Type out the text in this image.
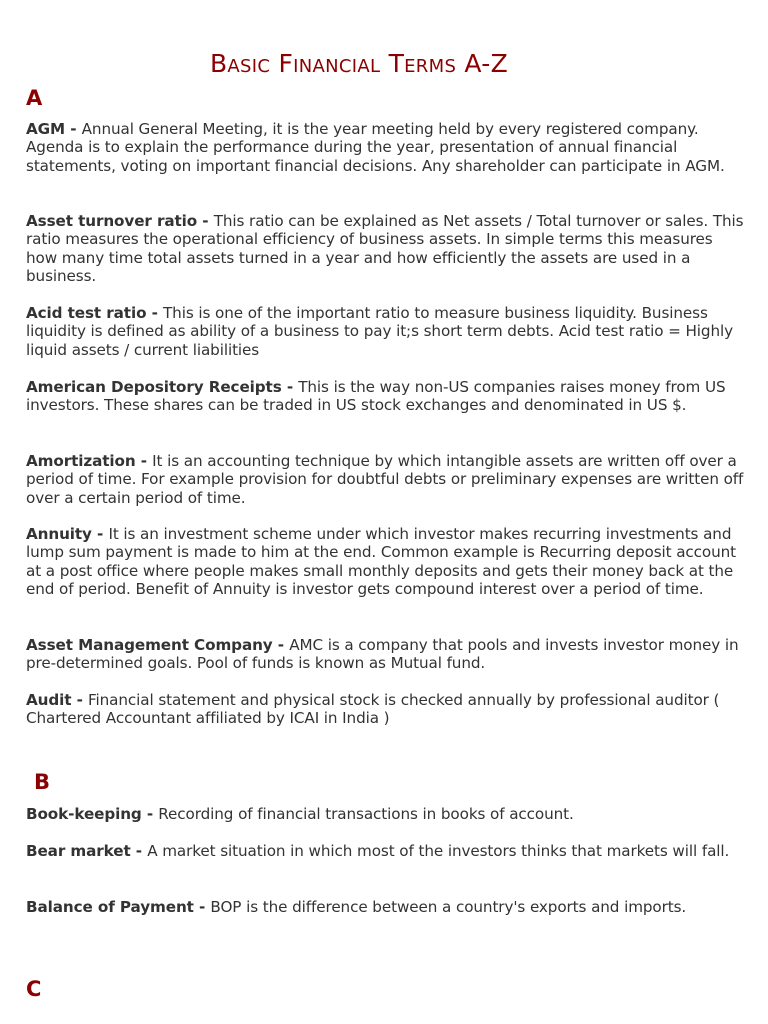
Basic Financial Terms A-Z
A
AGM - Annual General Meeting, it is the year meeting held by every registered company. Agenda is to explain the performance during the year, presentation of annual financial statements, voting on important financial decisions. Any shareholder can participate in AGM.
Asset turnover ratio - This ratio can be explained as Net assets / Total turnover or sales. This ratio measures the operational efficiency of business assets. In simple terms this measures how many time total assets turned in a year and how efficiently the assets are used in a business.
Acid test ratio - This is one of the important ratio to measure business liquidity. Business liquidity is defined as ability of a business to pay it;s short term debts. Acid test ratio = Highly liquid assets / current liabilities
American Depository Receipts - This is the way non-US companies raises money from US investors. These shares can be traded in US stock exchanges and denominated in US $.
Amortization - It is an accounting technique by which intangible assets are written off over a period of time. For example provision for doubtful debts or preliminary expenses are written off over a certain period of time.
Annuity - It is an investment scheme under which investor makes recurring investments and lump sum payment is made to him at the end. Common example is Recurring deposit account at a post office where people makes small monthly deposits and gets their money back at the end of period. Benefit of Annuity is investor gets compound interest over a period of time.
Asset Management Company - AMC is a company that pools and invests investor money in pre-determined goals. Pool of funds is known as Mutual fund.
Audit - Financial statement and physical stock is checked annually by professional auditor ( Chartered Accountant affiliated by ICAI in India )
B
Book-keeping - Recording of financial transactions in books of account.
Bear market - A market situation in which most of the investors thinks that markets will fall.
Balance of Payment - BOP is the difference between a country's exports and imports.
C
